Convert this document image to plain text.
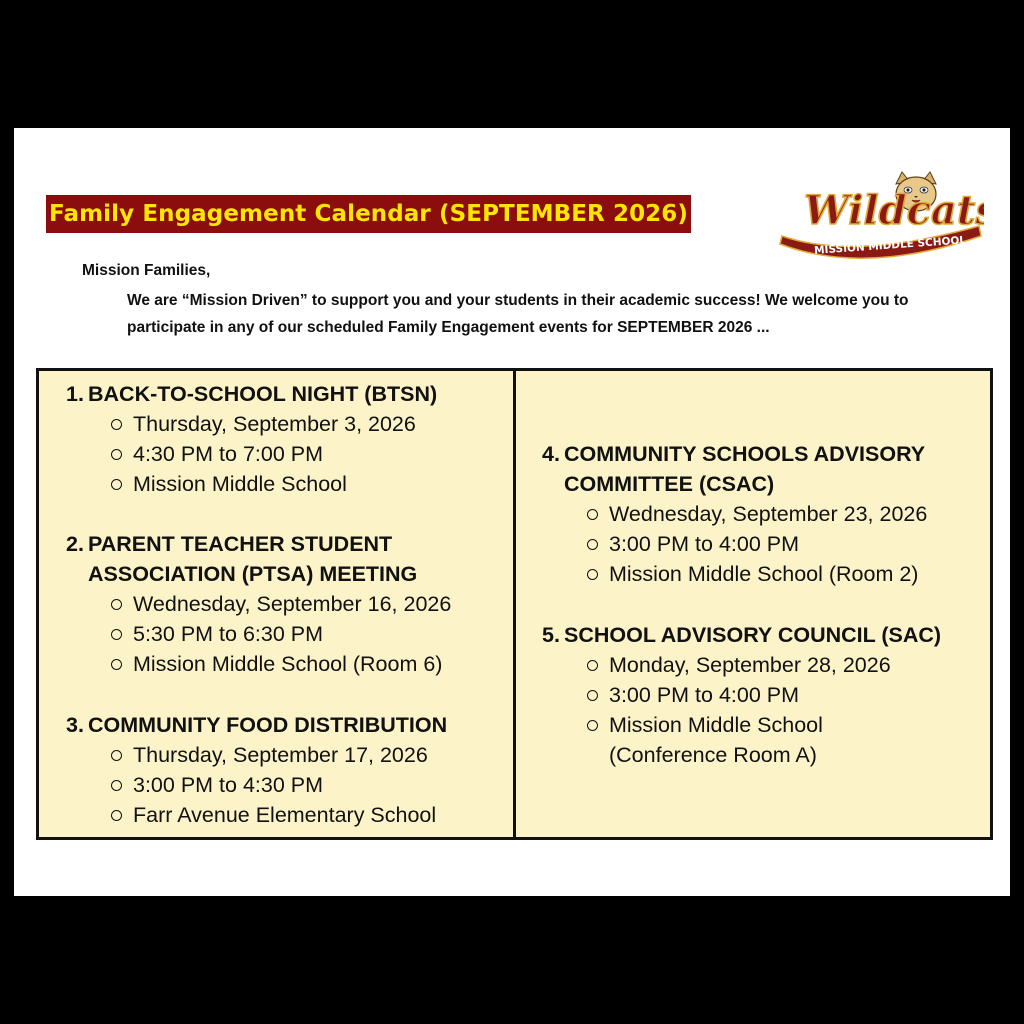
Family Engagement Calendar (SEPTEMBER 2026)	Wildcats
MISSION MIDDLE SCHOOL
Mission Families,
We are “Mission Driven” to support you and your students in their academic success! We welcome you to participate in any of our scheduled Family Engagement events for SEPTEMBER 2026 ...
1. BACK-TO-SCHOOL NIGHT (BTSN)
Thursday, September 3, 2026
4:30 PM to 7:00 PM
Mission Middle School
2. PARENT TEACHER STUDENT
ASSOCIATION (PTSA) MEETING
Wednesday, September 16, 2026
5:30 PM to 6:30 PM
Mission Middle School (Room 6)
3. COMMUNITY FOOD DISTRIBUTION
Thursday, September 17, 2026
3:00 PM to 4:30 PM
Farr Avenue Elementary School
4. COMMUNITY SCHOOLS ADVISORY
COMMITTEE (CSAC)
Wednesday, September 23, 2026
3:00 PM to 4:00 PM
Mission Middle School (Room 2)
5. SCHOOL ADVISORY COUNCIL (SAC)
Monday, September 28, 2026
3:00 PM to 4:00 PM
Mission Middle School
(Conference Room A)
